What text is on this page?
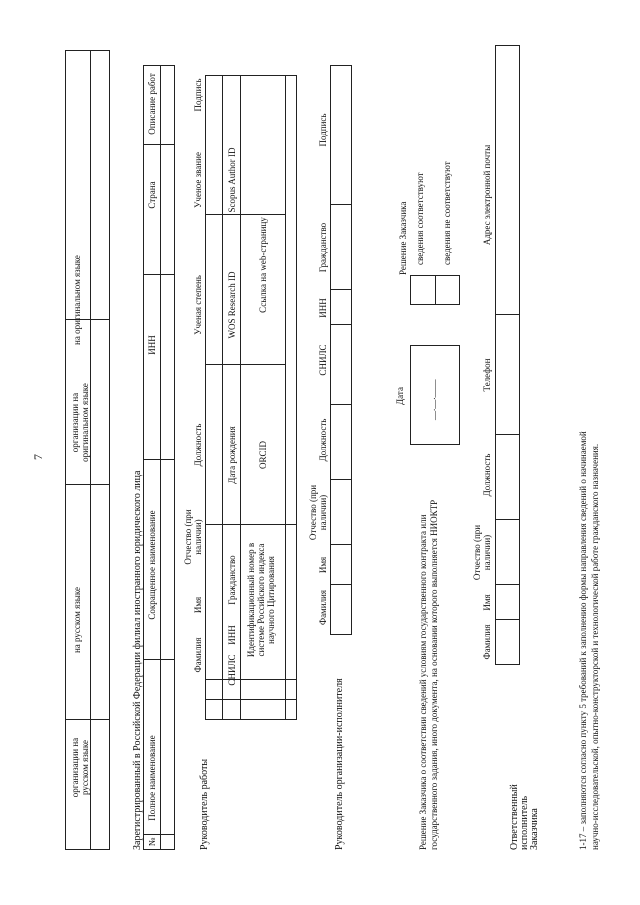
7
организации на русском языке
на русском языке
организации на оригинальном языке
на оригинальном языке
Зарегистрированный в Российской Федерации филиал иностранного юридического лица №
Полное наименование
Сокращенное наименование
ИНН
Страна
Описание работ
Руководитель работы
Фамилия
Имя
Отчество (при наличии)
Должность
Ученая степень
Ученое звание
Подпись
СНИЛС
ИНН
Гражданство
Дата рождения
WOS Research ID
Scopus Author ID
Идентификационный номер в системе Российского индекса научного Цитирования
ORCID
Ссылка на web-страницу
Руководитель организации-исполнителя
Фамилия
Имя
Отчество (при наличии)
Должность
СНИЛС
ИНН
Гражданство
Подпись
Решение Заказчика о соответствии сведений условиям государственного контракта или государственного задания, иного документа, на основании которого выполняется НИОКТР
Дата __.__.____
Решение Заказчика сведения соответствуют сведения не соответствуют
Ответственный исполнитель Заказчика
Фамилия
Имя
Отчество (при наличии)
Должность
Телефон
Адрес электронной почты
1-17 – заполняются согласно пункту 5 требований к заполнению формы направления сведений о начинаемой научно-исследовательской, опытно-конструкторской и технологической работе гражданского назначения.
